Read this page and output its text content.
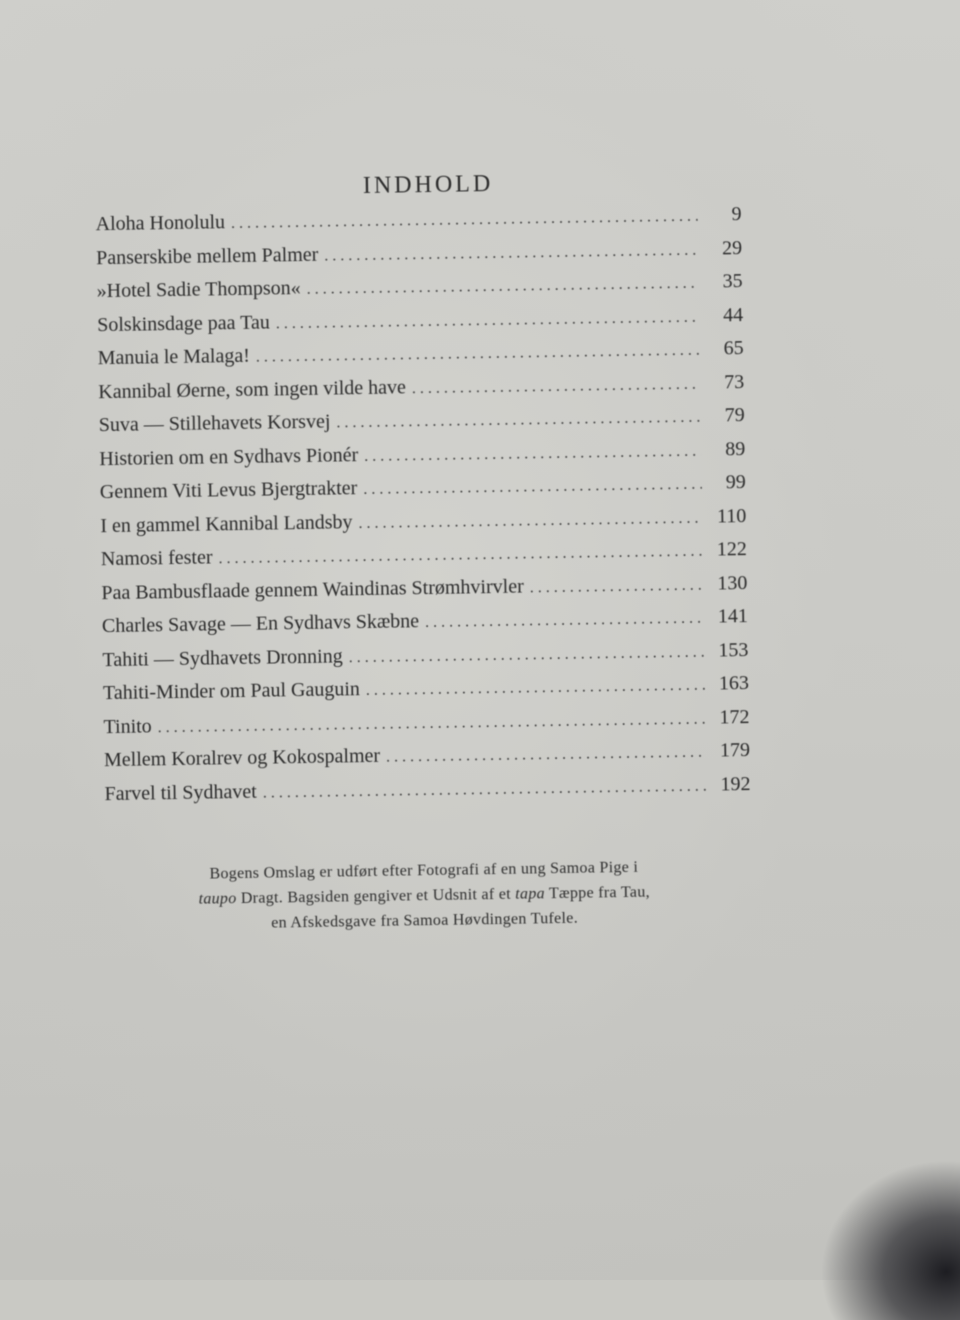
INDHOLD
Aloha Honolulu . . .	9
Panserskibe mellem Palmer . . .	29
»Hotel Sadie Thompson« . . .	35
Solskinsdage paa Tau . . .	44
Manuia le Malaga! . . .	65
Kannibal Øerne, som ingen vilde have . . .	73
Suva — Stillehavets Korsvej . . .	79
Historien om en Sydhavs Pionér . . .	89
Gennem Viti Levus Bjergtrakter . . .	99
I en gammel Kannibal Landsby . . .	110
Namosi fester . . .	122
Paa Bambusflaade gennem Waindinas Strømhvirvler . . .	130
Charles Savage — En Sydhavs Skæbne . . .	141
Tahiti — Sydhavets Dronning . . .	153
Tahiti-Minder om Paul Gauguin . . .	163
Tinito . . .	172
Mellem Koralrev og Kokospalmer . . .	179
Farvel til Sydhavet . . .	192
Bogens Omslag er udført efter Fotografi af en ung Samoa Pige i
taupo Dragt. Bagsiden gengiver et Udsnit af et tapa Tæppe fra Tau,
en Afskedsgave fra Samoa Høvdingen Tufele.
